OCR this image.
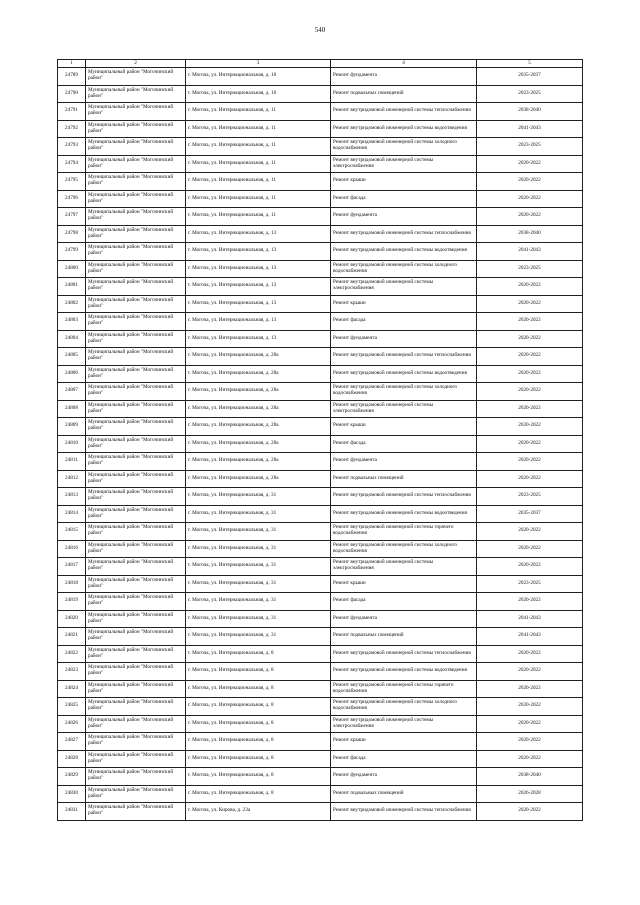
540
1	2	3	4	5
24789	Муниципальный район "Могочинский район"	г. Могоча, ул. Интернациональная, д. 10	Ремонт фундамента	2035-2037
24790	Муниципальный район "Могочинский район"	г. Могоча, ул. Интернациональная, д. 10	Ремонт подвальных помещений	2023-2025
24791	Муниципальный район "Могочинский район"	г. Могоча, ул. Интернациональная, д. 11	Ремонт внутридомовой инженерной системы теплоснабжения	2038-2040
24792	Муниципальный район "Могочинский район"	г. Могоча, ул. Интернациональная, д. 11	Ремонт внутридомовой инженерной системы водоотведения	2041-2043
24793	Муниципальный район "Могочинский район"	г. Могоча, ул. Интернациональная, д. 11	Ремонт внутридомовой инженерной системы холодного водоснабжения	2023-2025
24794	Муниципальный район "Могочинский район"	г. Могоча, ул. Интернациональная, д. 11	Ремонт внутридомовой инженерной системы электроснабжения	2020-2022
24795	Муниципальный район "Могочинский район"	г. Могоча, ул. Интернациональная, д. 11	Ремонт крыши	2020-2022
24796	Муниципальный район "Могочинский район"	г. Могоча, ул. Интернациональная, д. 11	Ремонт фасада	2020-2022
24797	Муниципальный район "Могочинский район"	г. Могоча, ул. Интернациональная, д. 11	Ремонт фундамента	2020-2022
24798	Муниципальный район "Могочинский район"	г. Могоча, ул. Интернациональная, д. 13	Ремонт внутридомовой инженерной системы теплоснабжения	2038-2040
24799	Муниципальный район "Могочинский район"	г. Могоча, ул. Интернациональная, д. 13	Ремонт внутридомовой инженерной системы водоотведения	2041-2043
24800	Муниципальный район "Могочинский район"	г. Могоча, ул. Интернациональная, д. 13	Ремонт внутридомовой инженерной системы холодного водоснабжения	2023-2025
24801	Муниципальный район "Могочинский район"	г. Могоча, ул. Интернациональная, д. 13	Ремонт внутридомовой инженерной системы электроснабжения	2020-2022
24802	Муниципальный район "Могочинский район"	г. Могоча, ул. Интернациональная, д. 13	Ремонт крыши	2020-2022
24803	Муниципальный район "Могочинский район"	г. Могоча, ул. Интернациональная, д. 13	Ремонт фасада	2020-2022
24804	Муниципальный район "Могочинский район"	г. Могоча, ул. Интернациональная, д. 13	Ремонт фундамента	2020-2022
24805	Муниципальный район "Могочинский район"	г. Могоча, ул. Интернациональная, д. 28а	Ремонт внутридомовой инженерной системы теплоснабжения	2020-2022
24806	Муниципальный район "Могочинский район"	г. Могоча, ул. Интернациональная, д. 28а	Ремонт внутридомовой инженерной системы водоотведения	2020-2022
24807	Муниципальный район "Могочинский район"	г. Могоча, ул. Интернациональная, д. 28а	Ремонт внутридомовой инженерной системы холодного водоснабжения	2020-2022
24808	Муниципальный район "Могочинский район"	г. Могоча, ул. Интернациональная, д. 28а	Ремонт внутридомовой инженерной системы электроснабжения	2020-2022
24809	Муниципальный район "Могочинский район"	г. Могоча, ул. Интернациональная, д. 28а	Ремонт крыши	2020-2022
24810	Муниципальный район "Могочинский район"	г. Могоча, ул. Интернациональная, д. 28а	Ремонт фасада	2020-2022
24811	Муниципальный район "Могочинский район"	г. Могоча, ул. Интернациональная, д. 28а	Ремонт фундамента	2020-2022
24812	Муниципальный район "Могочинский район"	г. Могоча, ул. Интернациональная, д. 28а	Ремонт подвальных помещений	2020-2022
24813	Муниципальный район "Могочинский район"	г. Могоча, ул. Интернациональная, д. 31	Ремонт внутридомовой инженерной системы теплоснабжения	2023-2025
24814	Муниципальный район "Могочинский район"	г. Могоча, ул. Интернациональная, д. 31	Ремонт внутридомовой инженерной системы водоотведения	2035-2037
24815	Муниципальный район "Могочинский район"	г. Могоча, ул. Интернациональная, д. 31	Ремонт внутридомовой инженерной системы горячего водоснабжения	2020-2022
24816	Муниципальный район "Могочинский район"	г. Могоча, ул. Интернациональная, д. 31	Ремонт внутридомовой инженерной системы холодного водоснабжения	2020-2022
24817	Муниципальный район "Могочинский район"	г. Могоча, ул. Интернациональная, д. 31	Ремонт внутридомовой инженерной системы электроснабжения	2020-2022
24818	Муниципальный район "Могочинский район"	г. Могоча, ул. Интернациональная, д. 31	Ремонт крыши	2023-2025
24819	Муниципальный район "Могочинский район"	г. Могоча, ул. Интернациональная, д. 31	Ремонт фасада	2020-2022
24820	Муниципальный район "Могочинский район"	г. Могоча, ул. Интернациональная, д. 31	Ремонт фундамента	2041-2043
24821	Муниципальный район "Могочинский район"	г. Могоча, ул. Интернациональная, д. 31	Ремонт подвальных помещений	2041-2043
24822	Муниципальный район "Могочинский район"	г. Могоча, ул. Интернациональная, д. 8	Ремонт внутридомовой инженерной системы теплоснабжения	2020-2022
24823	Муниципальный район "Могочинский район"	г. Могоча, ул. Интернациональная, д. 8	Ремонт внутридомовой инженерной системы водоотведения	2020-2022
24824	Муниципальный район "Могочинский район"	г. Могоча, ул. Интернациональная, д. 8	Ремонт внутридомовой инженерной системы горячего водоснабжения	2020-2022
24825	Муниципальный район "Могочинский район"	г. Могоча, ул. Интернациональная, д. 8	Ремонт внутридомовой инженерной системы холодного водоснабжения	2020-2022
24826	Муниципальный район "Могочинский район"	г. Могоча, ул. Интернациональная, д. 8	Ремонт внутридомовой инженерной системы электроснабжения	2020-2022
24827	Муниципальный район "Могочинский район"	г. Могоча, ул. Интернациональная, д. 8	Ремонт крыши	2020-2022
24828	Муниципальный район "Могочинский район"	г. Могоча, ул. Интернациональная, д. 8	Ремонт фасада	2020-2022
24829	Муниципальный район "Могочинский район"	г. Могоча, ул. Интернациональная, д. 8	Ремонт фундамента	2038-2040
24830	Муниципальный район "Могочинский район"	г. Могоча, ул. Интернациональная, д. 8	Ремонт подвальных помещений	2026-2028
24831	Муниципальный район "Могочинский район"	г. Могоча, ул. Кирова, д. 23а	Ремонт внутридомовой инженерной системы теплоснабжения	2020-2022
